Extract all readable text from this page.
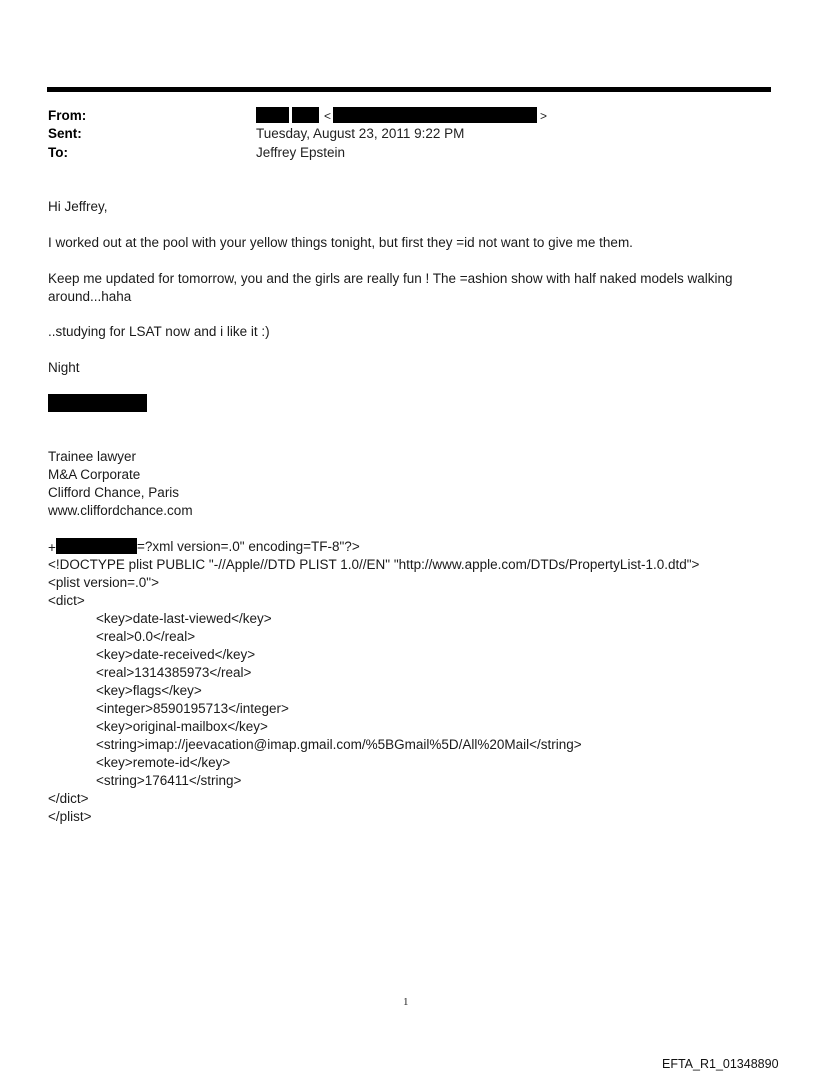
From:	<	>
Sent:	Tuesday, August 23, 2011 9:22 PM
To:	Jeffrey Epstein
Hi Jeffrey,
I worked out at the pool with your yellow things tonight, but first they =id not want to give me them.
Keep me updated for tomorrow, you and the girls are really fun ! The =ashion show with half naked models walking
around...haha
..studying for LSAT now and i like it :)
Night
Trainee lawyer
M&A Corporate
Clifford Chance, Paris
www.cliffordchance.com
+	=?xml version=.0" encoding=TF-8"?>
<!DOCTYPE plist PUBLIC "-//Apple//DTD PLIST 1.0//EN" "http://www.apple.com/DTDs/PropertyList-1.0.dtd">
<plist version=.0">
<dict>
<key>date-last-viewed</key>
<real>0.0</real>
<key>date-received</key>
<real>1314385973</real>
<key>flags</key>
<integer>8590195713</integer>
<key>original-mailbox</key>
<string>imap://jeevacation@imap.gmail.com/%5BGmail%5D/All%20Mail</string>
<key>remote-id</key>
<string>176411</string>
</dict>
</plist>
1
EFTA_R1_01348890
